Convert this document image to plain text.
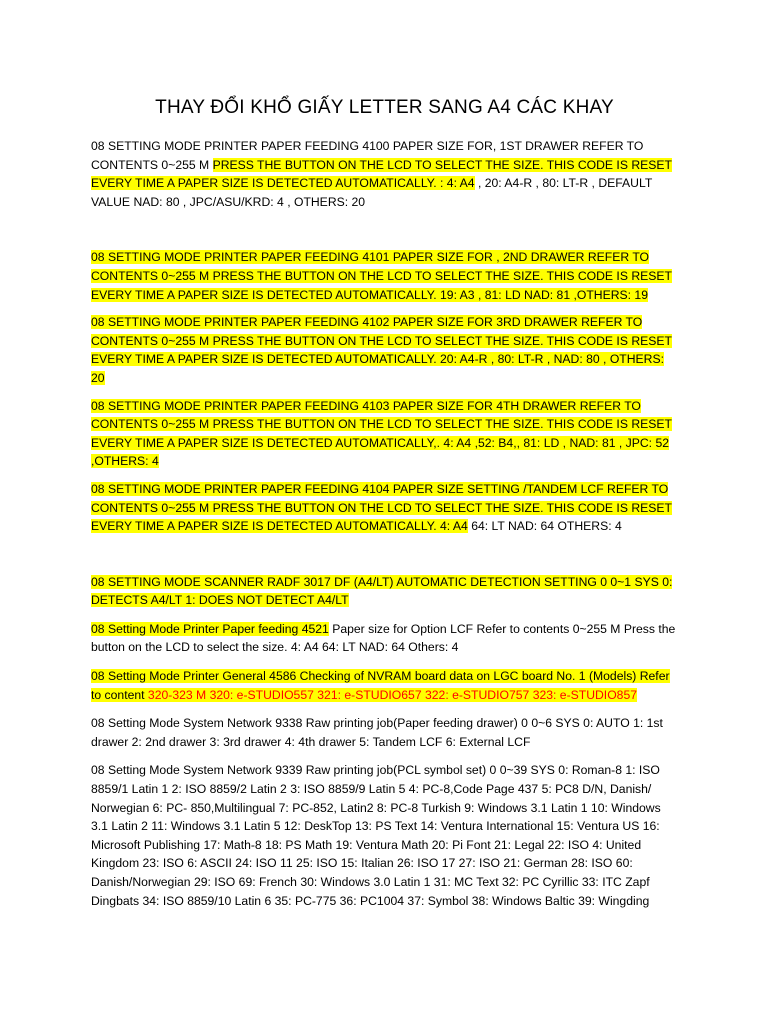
THAY ĐỔI KHỔ GIẤY LETTER SANG A4 CÁC KHAY

08 SETTING MODE PRINTER PAPER FEEDING 4100 PAPER SIZE FOR, 1ST DRAWER REFER TO CONTENTS 0~255 M PRESS THE BUTTON ON THE LCD TO SELECT THE SIZE. THIS CODE IS RESET EVERY TIME A PAPER SIZE IS DETECTED AUTOMATICALLY. : 4: A4 , 20: A4-R , 80: LT-R , DEFAULT VALUE NAD: 80 , JPC/ASU/KRD: 4 , OTHERS: 20

08 SETTING MODE PRINTER PAPER FEEDING 4101 PAPER SIZE FOR , 2ND DRAWER REFER TO CONTENTS 0~255 M PRESS THE BUTTON ON THE LCD TO SELECT THE SIZE. THIS CODE IS RESET EVERY TIME A PAPER SIZE IS DETECTED AUTOMATICALLY. 19: A3 , 81: LD NAD: 81 ,OTHERS: 19

08 SETTING MODE PRINTER PAPER FEEDING 4102 PAPER SIZE FOR 3RD DRAWER REFER TO CONTENTS 0~255 M PRESS THE BUTTON ON THE LCD TO SELECT THE SIZE. THIS CODE IS RESET EVERY TIME A PAPER SIZE IS DETECTED AUTOMATICALLY. 20: A4-R , 80: LT-R , NAD: 80 , OTHERS: 20

08 SETTING MODE PRINTER PAPER FEEDING 4103 PAPER SIZE FOR 4TH DRAWER REFER TO CONTENTS 0~255 M PRESS THE BUTTON ON THE LCD TO SELECT THE SIZE. THIS CODE IS RESET EVERY TIME A PAPER SIZE IS DETECTED AUTOMATICALLY,. 4: A4 ,52: B4,, 81: LD , NAD: 81 , JPC: 52 ,OTHERS: 4

08 SETTING MODE PRINTER PAPER FEEDING 4104 PAPER SIZE SETTING /TANDEM LCF REFER TO CONTENTS 0~255 M PRESS THE BUTTON ON THE LCD TO SELECT THE SIZE. THIS CODE IS RESET EVERY TIME A PAPER SIZE IS DETECTED AUTOMATICALLY. 4: A4 64: LT NAD: 64 OTHERS: 4

08 SETTING MODE SCANNER RADF 3017 DF (A4/LT) AUTOMATIC DETECTION SETTING 0 0~1 SYS 0: DETECTS A4/LT 1: DOES NOT DETECT A4/LT

08 Setting Mode Printer Paper feeding 4521 Paper size for Option LCF Refer to contents 0~255 M Press the button on the LCD to select the size. 4: A4 64: LT NAD: 64 Others: 4

08 Setting Mode Printer General 4586 Checking of NVRAM board data on LGC board No. 1 (Models) Refer to content 320-323 M 320: e-STUDIO557 321: e-STUDIO657 322: e-STUDIO757 323: e-STUDIO857

08 Setting Mode System Network 9338 Raw printing job(Paper feeding drawer) 0 0~6 SYS 0: AUTO 1: 1st drawer 2: 2nd drawer 3: 3rd drawer 4: 4th drawer 5: Tandem LCF 6: External LCF

08 Setting Mode System Network 9339 Raw printing job(PCL symbol set) 0 0~39 SYS 0: Roman-8 1: ISO 8859/1 Latin 1 2: ISO 8859/2 Latin 2 3: ISO 8859/9 Latin 5 4: PC-8,Code Page 437 5: PC8 D/N, Danish/ Norwegian 6: PC- 850,Multilingual 7: PC-852, Latin2 8: PC-8 Turkish 9: Windows 3.1 Latin 1 10: Windows 3.1 Latin 2 11: Windows 3.1 Latin 5 12: DeskTop 13: PS Text 14: Ventura International 15: Ventura US 16: Microsoft Publishing 17: Math-8 18: PS Math 19: Ventura Math 20: Pi Font 21: Legal 22: ISO 4: United Kingdom 23: ISO 6: ASCII 24: ISO 11 25: ISO 15: Italian 26: ISO 17 27: ISO 21: German 28: ISO 60: Danish/Norwegian 29: ISO 69: French 30: Windows 3.0 Latin 1 31: MC Text 32: PC Cyrillic 33: ITC Zapf Dingbats 34: ISO 8859/10 Latin 6 35: PC-775 36: PC1004 37: Symbol 38: Windows Baltic 39: Wingding
